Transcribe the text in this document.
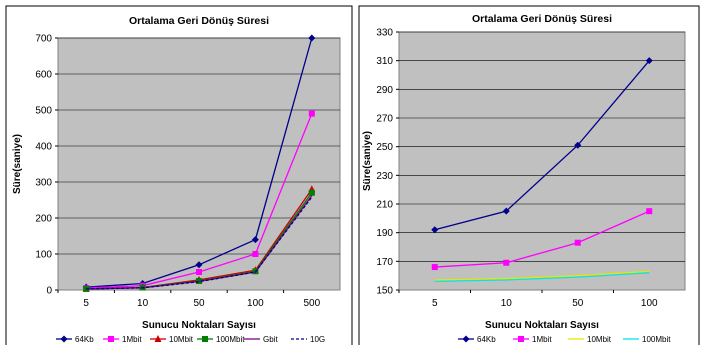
0
100
200
300
400
500
600
700
5	10	50	100	500
Ortalama Geri Dönüş Süresi
Sunucu Noktaları Sayısı
Süre(saniye)
64Kb	1Mbit	10Mbit	100Mbit Gbit	10G
150
170
190
210
230
250
270
290
310
330
5	10	50	100
Ortalama Geri Dönüş Süresi
Sunucu Noktaları Sayısı
Süre(saniye)
64Kb	1Mbit	10Mbit	100Mbit
